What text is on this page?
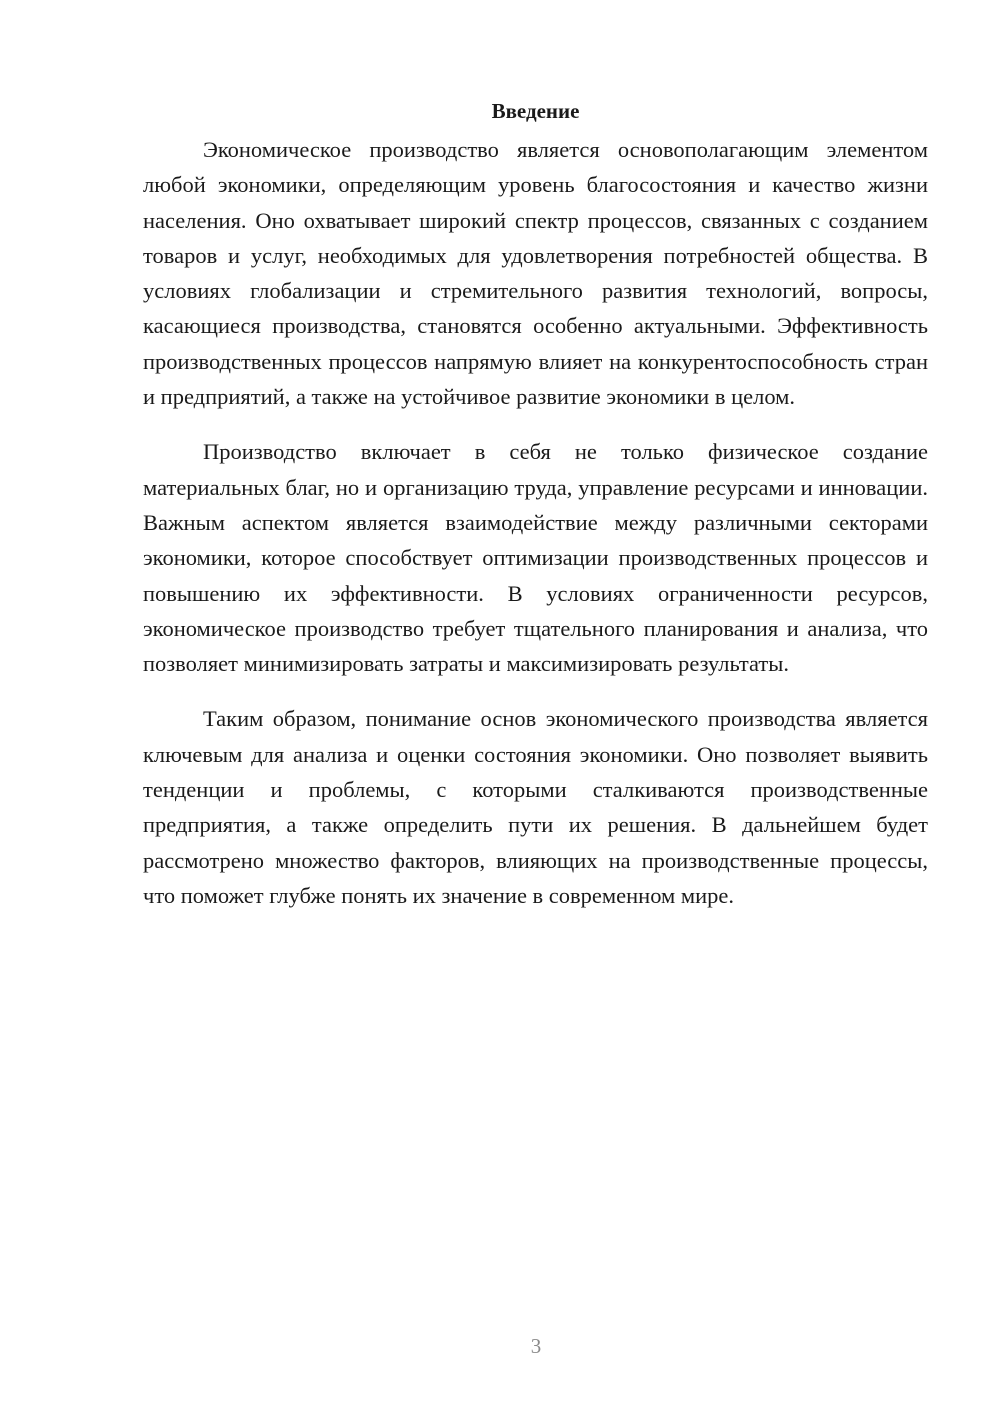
Введение

Экономическое производство является основополагающим элементом любой экономики, определяющим уровень благосостояния и качество жизни населения. Оно охватывает широкий спектр процессов, связанных с созданием товаров и услуг, необходимых для удовлетворения потребностей общества. В условиях глобализации и стремительного развития технологий, вопросы, касающиеся производства, становятся особенно актуальными. Эффективность производственных процессов напрямую влияет на конкурентоспособность стран и предприятий, а также на устойчивое развитие экономики в целом.

Производство включает в себя не только физическое создание материальных благ, но и организацию труда, управление ресурсами и инновации. Важным аспектом является взаимодействие между различными секторами экономики, которое способствует оптимизации производственных процессов и повышению их эффективности. В условиях ограниченности ресурсов, экономическое производство требует тщательного планирования и анализа, что позволяет минимизировать затраты и максимизировать результаты.

Таким образом, понимание основ экономического производства является ключевым для анализа и оценки состояния экономики. Оно позволяет выявить тенденции и проблемы, с которыми сталкиваются производственные предприятия, а также определить пути их решения. В дальнейшем будет рассмотрено множество факторов, влияющих на производственные процессы, что поможет глубже понять их значение в современном мире.

3
